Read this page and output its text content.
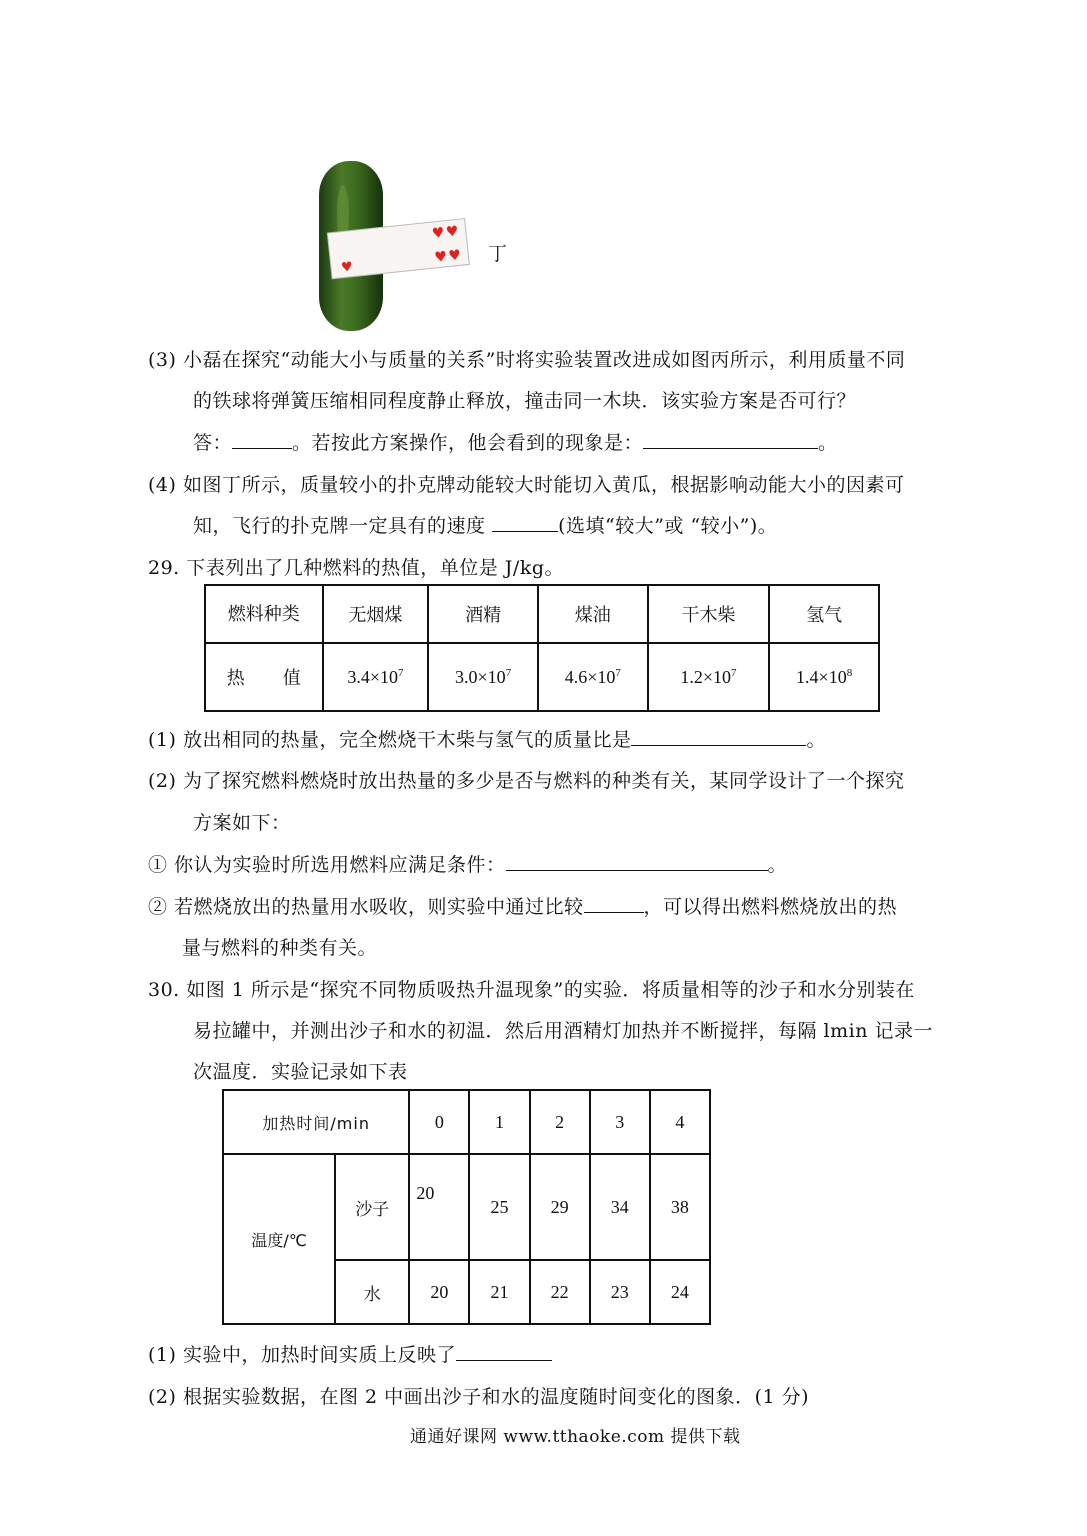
♥ ♥
♥ ♥
♥
丁
(3) 小磊在探究“动能大小与质量的关系”时将实验装置改进成如图丙所示，利用质量不同
的铁球将弹簧压缩相同程度静止释放，撞击同一木块．该实验方案是否可行？
答：	。若按此方案操作，他会看到的现象是：	。
(4) 如图丁所示，质量较小的扑克牌动能较大时能切入黄瓜，根据影响动能大小的因素可
知，飞行的扑克牌一定具有的速度	(选填“较大”或 “较小”)。
29. 下表列出了几种燃料的热值，单位是 J/kg。
燃料种类	无烟煤	酒精	煤油	干木柴	氢气
热 值	$3.4\times 10^7$	$3.0\times 10^7$	$4.6\times 10^7$	$1.2\times 10^7$	$1.4\times 10^8$
(1) 放出相同的热量，完全燃烧干木柴与氢气的质量比是	。
(2) 为了探究燃料燃烧时放出热量的多少是否与燃料的种类有关，某同学设计了一个探究
方案如下：
① 你认为实验时所选用燃料应满足条件：	。
② 若燃烧放出的热量用水吸收，则实验中通过比较	，可以得出燃料燃烧放出的热
量与燃料的种类有关。
30. 如图 1 所示是“探究不同物质吸热升温现象”的实验．将质量相等的沙子和水分别装在
易拉罐中，并测出沙子和水的初温．然后用酒精灯加热并不断搅拌，每隔 lmin 记录一
次温度．实验记录如下表
加热时间/min		0	1	2	3	4
温度/℃	沙子	20	25	29	34	38
	水	20	21	22	23	24
(1) 实验中，加热时间实质上反映了
(2) 根据实验数据，在图 2 中画出沙子和水的温度随时间变化的图象．(1 分)
通通好课网 www.tthaoke.com 提供下载
